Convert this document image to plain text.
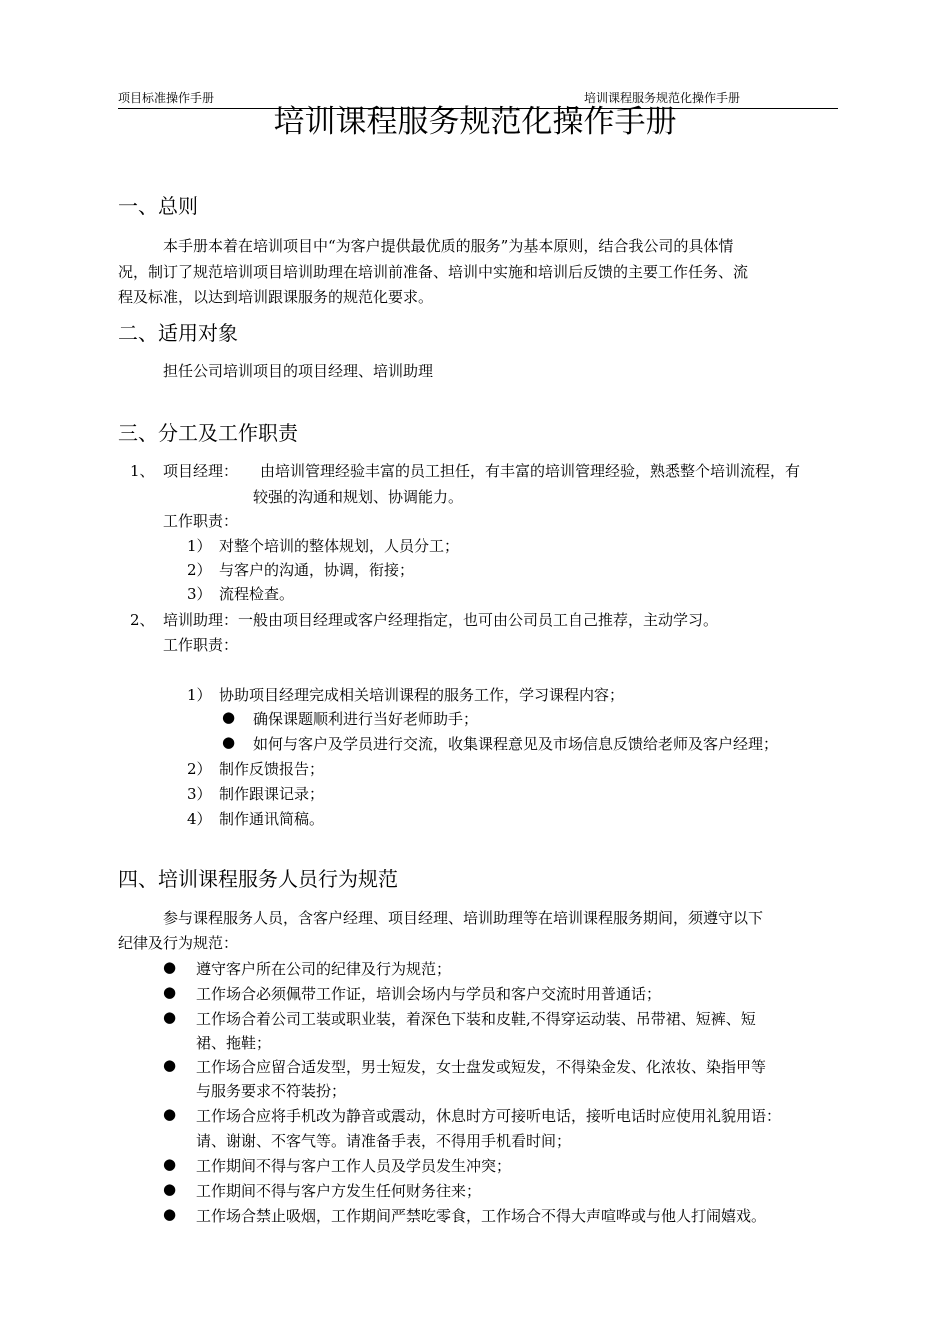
项目标准操作手册	培训课程服务规范化操作手册
培训课程服务规范化操作手册
一、总则
本手册本着在培训项目中“为客户提供最优质的服务”为基本原则，结合我公司的具体情
况，制订了规范培训项目培训助理在培训前准备、培训中实施和培训后反馈的主要工作任务、流
程及标准，以达到培训跟课服务的规范化要求。
二、适用对象
担任公司培训项目的项目经理、培训助理
三、分工及工作职责
1、 项目经理： 由培训管理经验丰富的员工担任，有丰富的培训管理经验，熟悉整个培训流程，有
较强的沟通和规划、协调能力。
工作职责：
1） 对整个培训的整体规划，人员分工；
2） 与客户的沟通，协调，衔接；
3） 流程检查。
2、 培训助理：一般由项目经理或客户经理指定，也可由公司员工自己推荐，主动学习。
工作职责：
1） 协助项目经理完成相关培训课程的服务工作，学习课程内容；
● 确保课题顺利进行当好老师助手；
● 如何与客户及学员进行交流，收集课程意见及市场信息反馈给老师及客户经理；
2） 制作反馈报告；
3） 制作跟课记录；
4） 制作通讯简稿。
四、培训课程服务人员行为规范
参与课程服务人员，含客户经理、项目经理、培训助理等在培训课程服务期间，须遵守以下
纪律及行为规范：
● 遵守客户所在公司的纪律及行为规范；
● 工作场合必须佩带工作证，培训会场内与学员和客户交流时用普通话；
● 工作场合着公司工装或职业装，着深色下装和皮鞋,不得穿运动装、吊带裙、短裤、短
裙、拖鞋；
● 工作场合应留合适发型，男士短发，女士盘发或短发，不得染金发、化浓妆、染指甲等
与服务要求不符装扮；
● 工作场合应将手机改为静音或震动，休息时方可接听电话，接听电话时应使用礼貌用语：
请、谢谢、不客气等。请准备手表，不得用手机看时间；
● 工作期间不得与客户工作人员及学员发生冲突；
● 工作期间不得与客户方发生任何财务往来；
● 工作场合禁止吸烟，工作期间严禁吃零食，工作场合不得大声喧哗或与他人打闹嬉戏。
